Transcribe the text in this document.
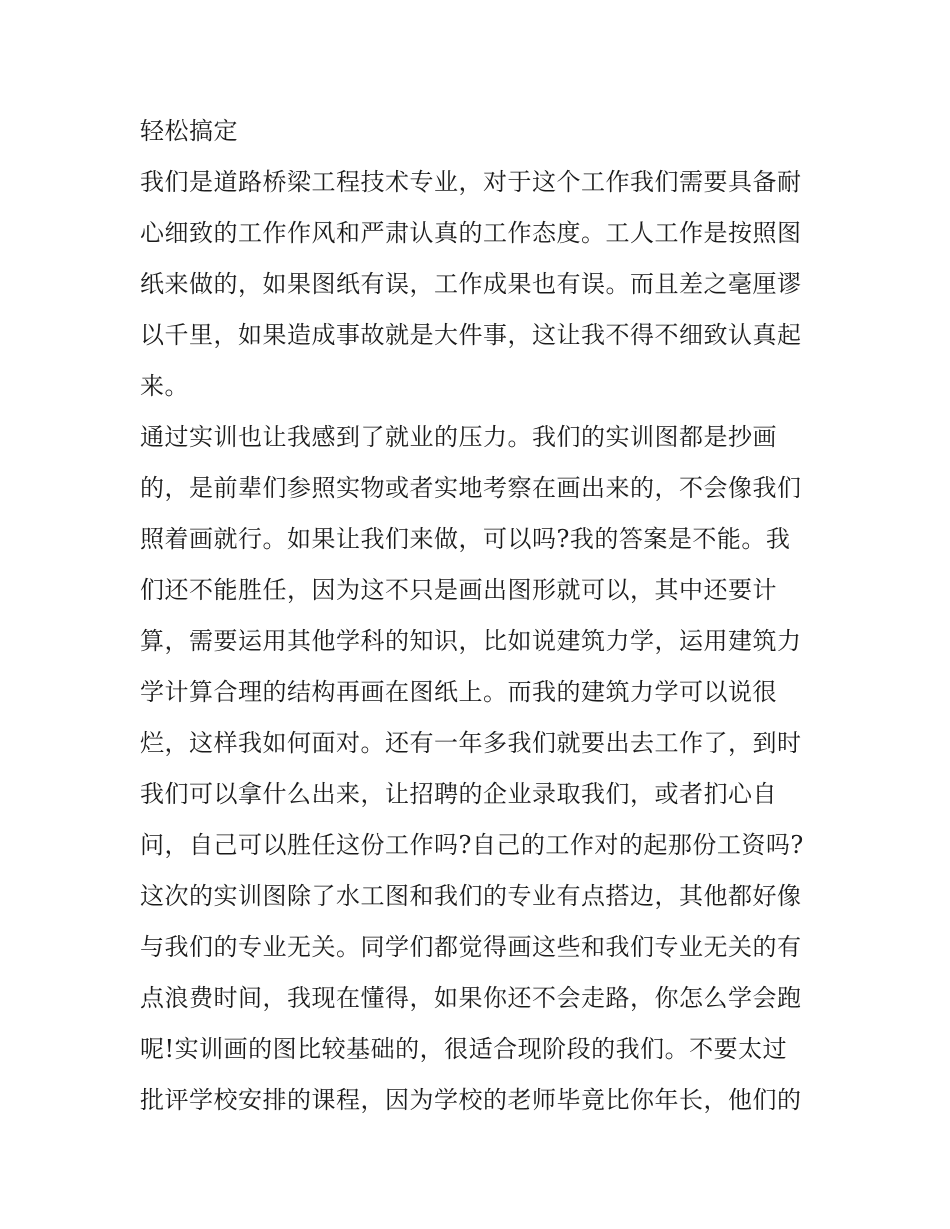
轻松搞定
我们是道路桥梁工程技术专业，对于这个工作我们需要具备耐
心细致的工作作风和严肃认真的工作态度。工人工作是按照图
纸来做的，如果图纸有误，工作成果也有误。而且差之毫厘谬
以千里，如果造成事故就是大件事，这让我不得不细致认真起
来。
通过实训也让我感到了就业的压力。我们的实训图都是抄画
的，是前辈们参照实物或者实地考察在画出来的，不会像我们
照着画就行。如果让我们来做，可以吗?我的答案是不能。我
们还不能胜任，因为这不只是画出图形就可以，其中还要计
算，需要运用其他学科的知识，比如说建筑力学，运用建筑力
学计算合理的结构再画在图纸上。而我的建筑力学可以说很
烂，这样我如何面对。还有一年多我们就要出去工作了，到时
我们可以拿什么出来，让招聘的企业录取我们，或者扪心自
问，自己可以胜任这份工作吗?自己的工作对的起那份工资吗?
这次的实训图除了水工图和我们的专业有点搭边，其他都好像
与我们的专业无关。同学们都觉得画这些和我们专业无关的有
点浪费时间，我现在懂得，如果你还不会走路，你怎么学会跑
呢!实训画的图比较基础的，很适合现阶段的我们。不要太过
批评学校安排的课程，因为学校的老师毕竟比你年长，他们的
